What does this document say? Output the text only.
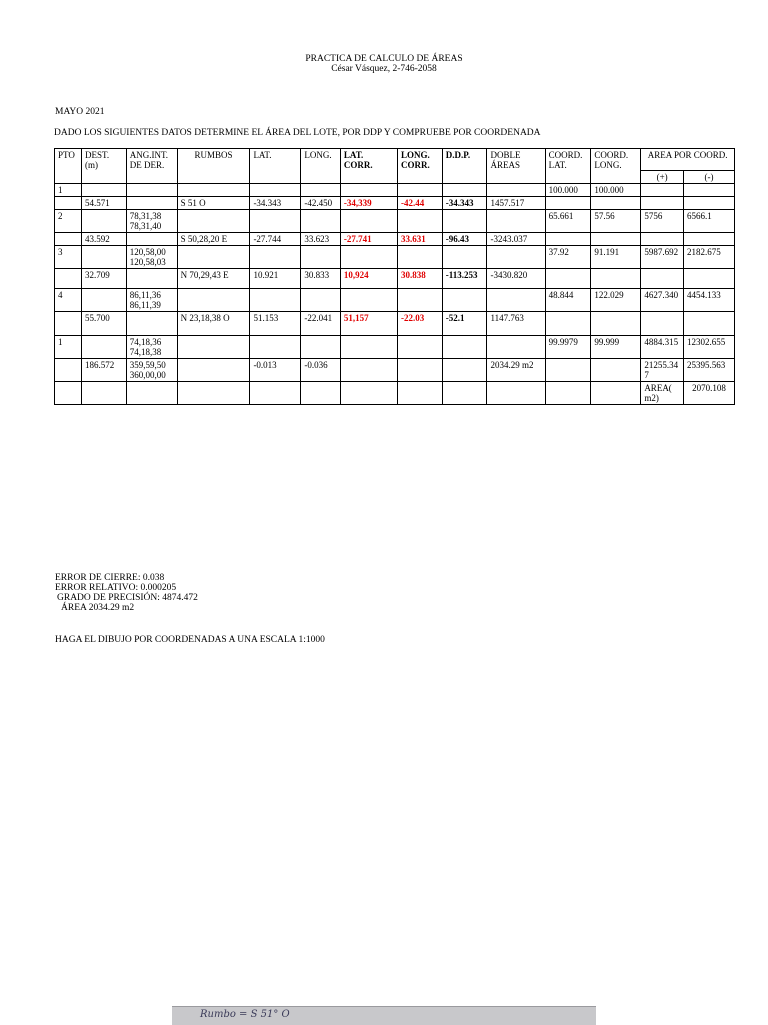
PRACTICA DE CALCULO DE ÁREAS
César Vásquez, 2-746-2058
MAYO 2021
DADO LOS SIGUIENTES DATOS DETERMINE EL ÁREA DEL LOTE, POR DDP Y COMPRUEBE POR COORDENADA
PTO	DEST. (m)	ANG.INT. DE DER.	RUMBOS	LAT.	LONG.	LAT. CORR.	LONG. CORR.	D.D.P.	DOBLE ÁREAS	COORD. LAT.	COORD. LONG.	AREA POR COORD.	
												(+)	(-)
1										100.000	100.000		
	54.571		S 51 O	-34.343	-42.450	-34,339	-42.44	-34.343	1457.517				
2		78,31,38 78,31,40								65.661	57.56	5756	6566.1
	43.592		S 50,28,20 E	-27.744	33.623	-27.741	33.631	-96.43	-3243.037				
3		120,58,00 120,58,03								37.92	91.191	5987.692	2182.675
	32.709		N 70,29,43 E	10.921	30.833	10,924	30.838	-113.253	-3430.820				
4		86,11,36 86,11,39								48.844	122.029	4627.340	4454.133
	55.700		N 23,18,38 O	51.153	-22.041	51,157	-22.03	-52.1	1147.763				
1		74,18,36 74,18,38								99.9979	99.999	4884.315	12302.655
	186.572	359,59,50 360,00,00		-0.013	-0.036				2034.29 m2			21255.347	25395.563
												AREA( m2)	2070.108
ERROR DE CIERRE: 0.038
ERROR RELATIVO: 0.000205
GRADO DE PRECISIÓN: 4874.472
ÁREA 2034.29 m2
HAGA EL DIBUJO POR COORDENADAS A UNA ESCALA 1:1000
Rumbo = S 51° O
